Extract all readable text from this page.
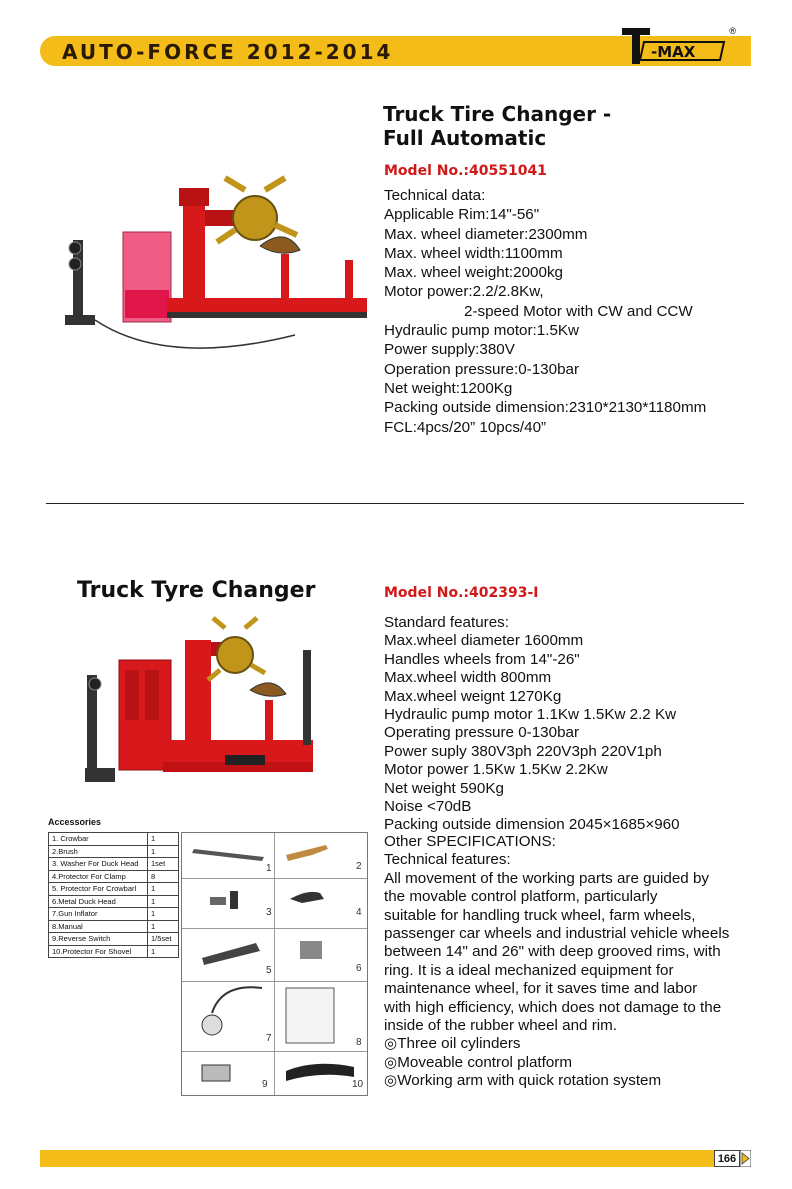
AUTO-FORCE 2012-2014	-MAX
®
Truck Tire Changer -
Full Automatic
Model No.:40551041
Technical data:
Applicable Rim:14"-56"
Max. wheel diameter:2300mm
Max. wheel width:1100mm
Max. wheel weight:2000kg
Motor power:2.2/2.8Kw,
2-speed Motor with CW and CCW
Hydraulic pump motor:1.5Kw
Power supply:380V
Operation pressure:0-130bar
Net weight:1200Kg
Packing outside dimension:2310*2130*1180mm
FCL:4pcs/20” 10pcs/40”
Truck Tyre Changer	Model No.:402393-I
Standard features:
Max.wheel diameter 1600mm
Handles wheels from 14"-26"
Max.wheel width 800mm
Max.wheel weignt 1270Kg
Hydraulic pump motor 1.1Kw 1.5Kw 2.2 Kw
Operating pressure 0-130bar
Power suply 380V3ph 220V3ph 220V1ph
Motor power 1.5Kw 1.5Kw 2.2Kw
Net weight 590Kg
Noise <70dB
Packing outside dimension 2045×1685×960
Other SPECIFICATIONS:
Technical features:
All movement of the working parts are guided by
the movable control platform, particularly
suitable for handling truck wheel, farm wheels,
passenger car wheels and industrial vehicle wheels
between 14" and 26" with deep grooved rims, with
ring. It is a ideal mechanized equipment for
maintenance wheel, for it saves time and labor
with high efficiency, which does not damage to the
inside of the rubber wheel and rim.
◎Three oil cylinders
◎Moveable control platform
◎Working arm with quick rotation system
Accessories
1. Crowbar	1
2.Brush	1
3. Washer For Duck Head	1set
4.Protector For Clamp	8
5. Protector For Crowbarl	1
6.Metal Duck Head	1
7.Gun Inflator	1
8.Manual	1
9.Reverse Switch	1/5set
10.Protector For Shovel	1
1	2
3	4
5	6
7	8
9	10
166
